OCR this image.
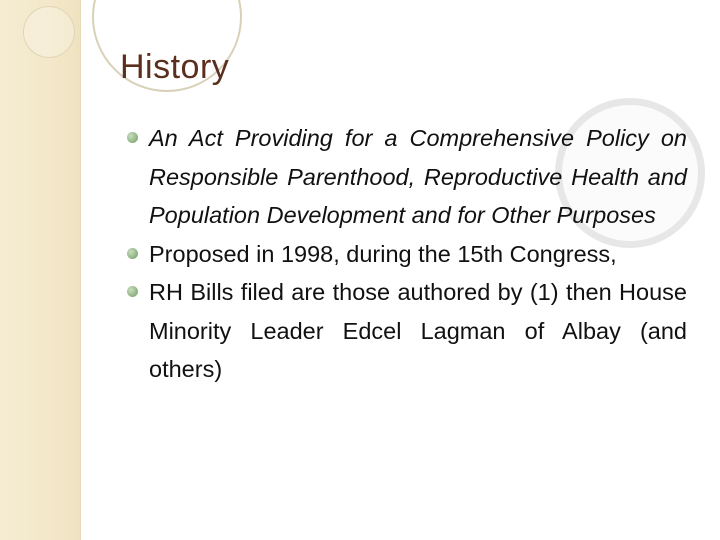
History
An Act Providing for a Comprehensive Policy on Responsible Parenthood, Reproductive Health and Population Development and for Other Purposes
Proposed in 1998, during the 15th Congress,
RH Bills filed are those authored by (1) then House Minority Leader Edcel Lagman of Albay (and others)
